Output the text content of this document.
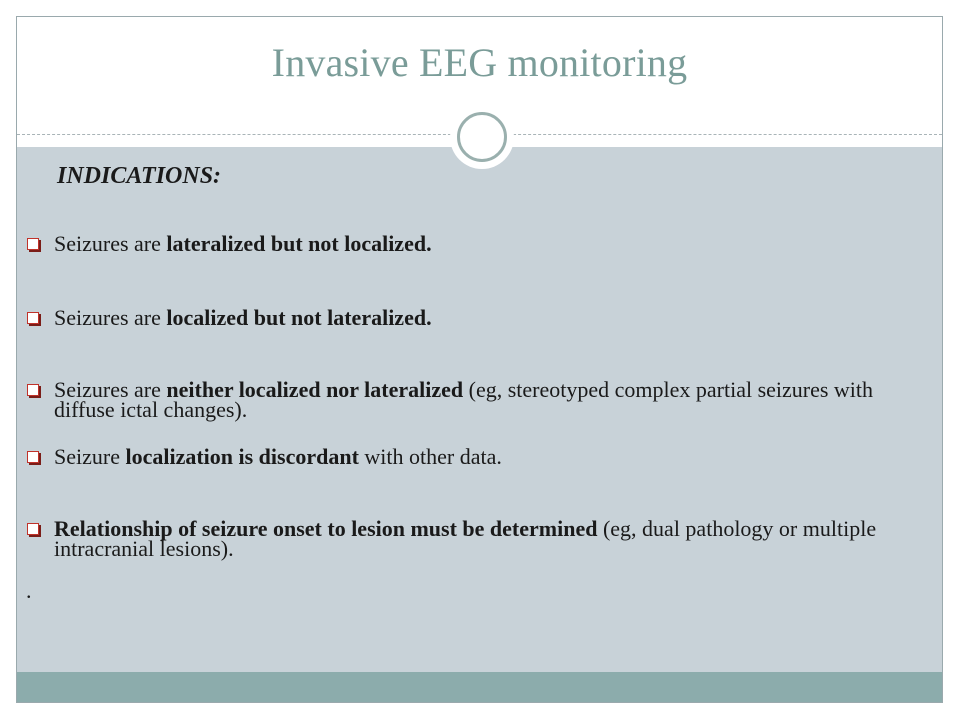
Invasive EEG monitoring
INDICATIONS:
Seizures are lateralized but not localized.
Seizures are localized but not lateralized.
Seizures are neither localized nor lateralized (eg, stereotyped complex partial seizures with diffuse ictal changes).
Seizure localization is discordant with other data.
Relationship of seizure onset to lesion must be determined (eg, dual pathology or multiple intracranial lesions).
.
